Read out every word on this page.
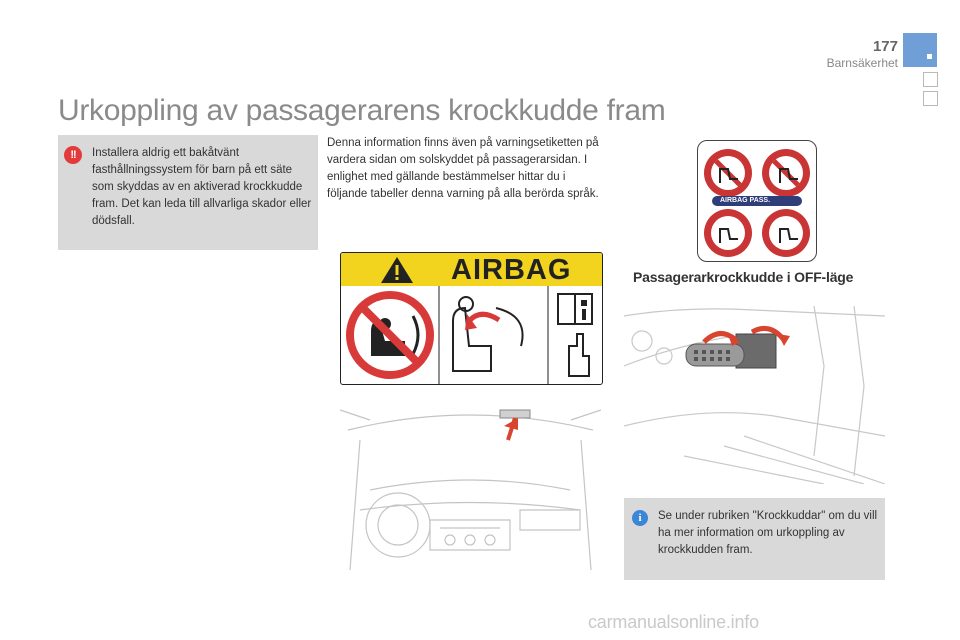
177
Barnsäkerhet
Urkoppling av passagerarens krockkudde fram
!!	Installera aldrig ett bakåtvänt fasthållningssystem för barn på ett säte som skyddas av en aktiverad krockkudde fram. Det kan leda till allvarliga skador eller dödsfall.
Denna information finns även på varningsetiketten på vardera sidan om solskyddet på passagerarsidan. I enlighet med gällande bestämmelser hittar du i följande tabeller denna varning på alla berörda språk.
AIRBAG
ON
AIRBAG PASS.
OFF
Passagerarkrockkudde i OFF-läge
i	Se under rubriken "Krockkuddar" om du vill ha mer information om urkoppling av krockkudden fram.
carmanualsonline.info
